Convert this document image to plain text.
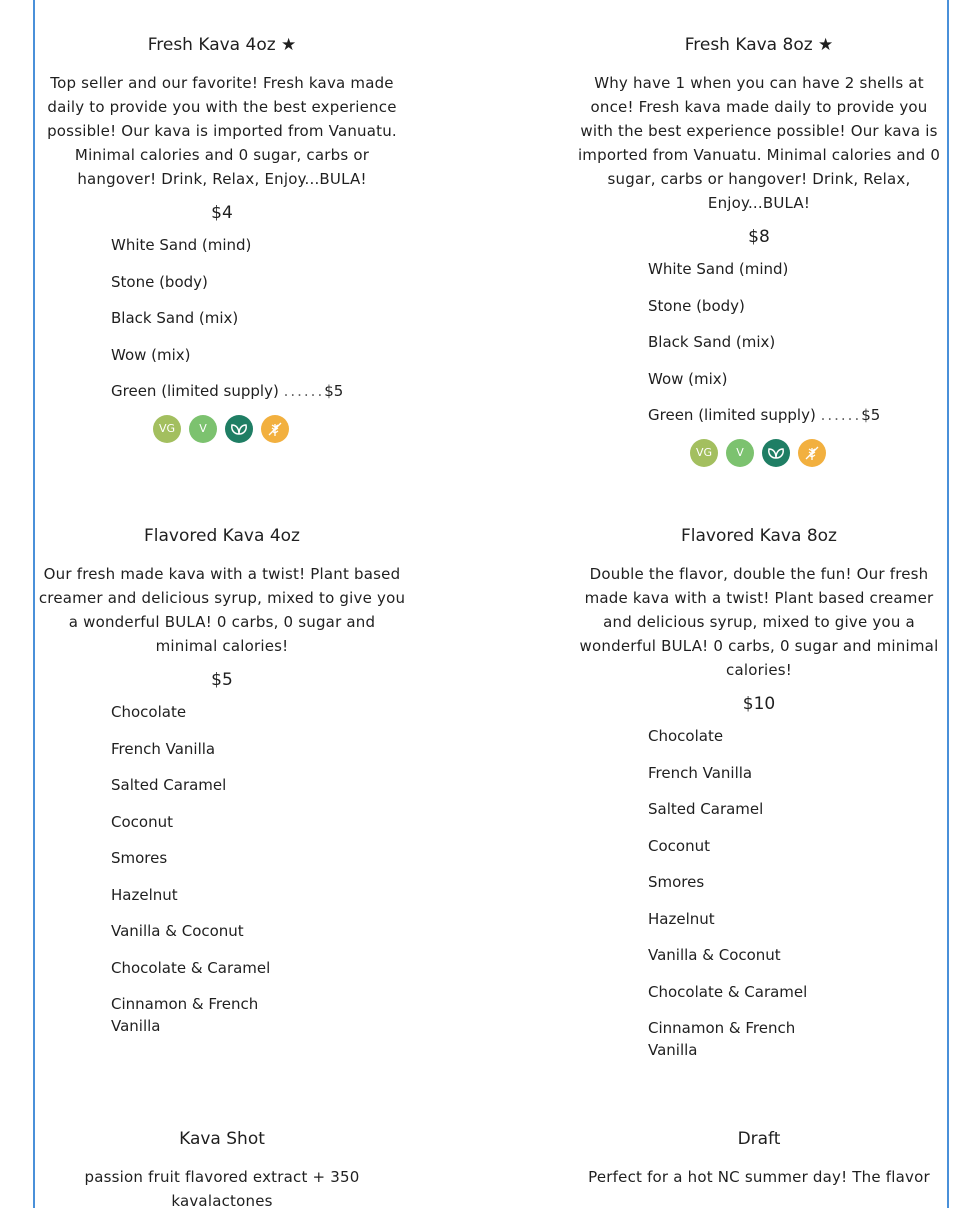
Fresh Kava 4oz ★
Top seller and our favorite! Fresh kava made daily to provide you with the best experience possible! Our kava is imported from Vanuatu. Minimal calories and 0 sugar, carbs or hangover! Drink, Relax, Enjoy...BULA!
$4
White Sand (mind)
Stone (body)
Black Sand (mix)
Wow (mix)
Green (limited supply) ......$5
VG	V
Fresh Kava 8oz ★
Why have 1 when you can have 2 shells at once! Fresh kava made daily to provide you with the best experience possible! Our kava is imported from Vanuatu. Minimal calories and 0 sugar, carbs or hangover! Drink, Relax, Enjoy...BULA!
$8
White Sand (mind)
Stone (body)
Black Sand (mix)
Wow (mix)
Green (limited supply) ......$5
VG	V
Flavored Kava 4oz
Our fresh made kava with a twist! Plant based creamer and delicious syrup, mixed to give you a wonderful BULA! 0 carbs, 0 sugar and minimal calories!
$5
Chocolate
French Vanilla
Salted Caramel
Coconut
Smores
Hazelnut
Vanilla & Coconut
Chocolate & Caramel
Cinnamon & French Vanilla
Flavored Kava 8oz
Double the flavor, double the fun! Our fresh made kava with a twist! Plant based creamer and delicious syrup, mixed to give you a wonderful BULA! 0 carbs, 0 sugar and minimal calories!
$10
Chocolate
French Vanilla
Salted Caramel
Coconut
Smores
Hazelnut
Vanilla & Coconut
Chocolate & Caramel
Cinnamon & French Vanilla
Kava Shot
passion fruit flavored extract + 350 kavalactones
Draft
Perfect for a hot NC summer day! The flavor
